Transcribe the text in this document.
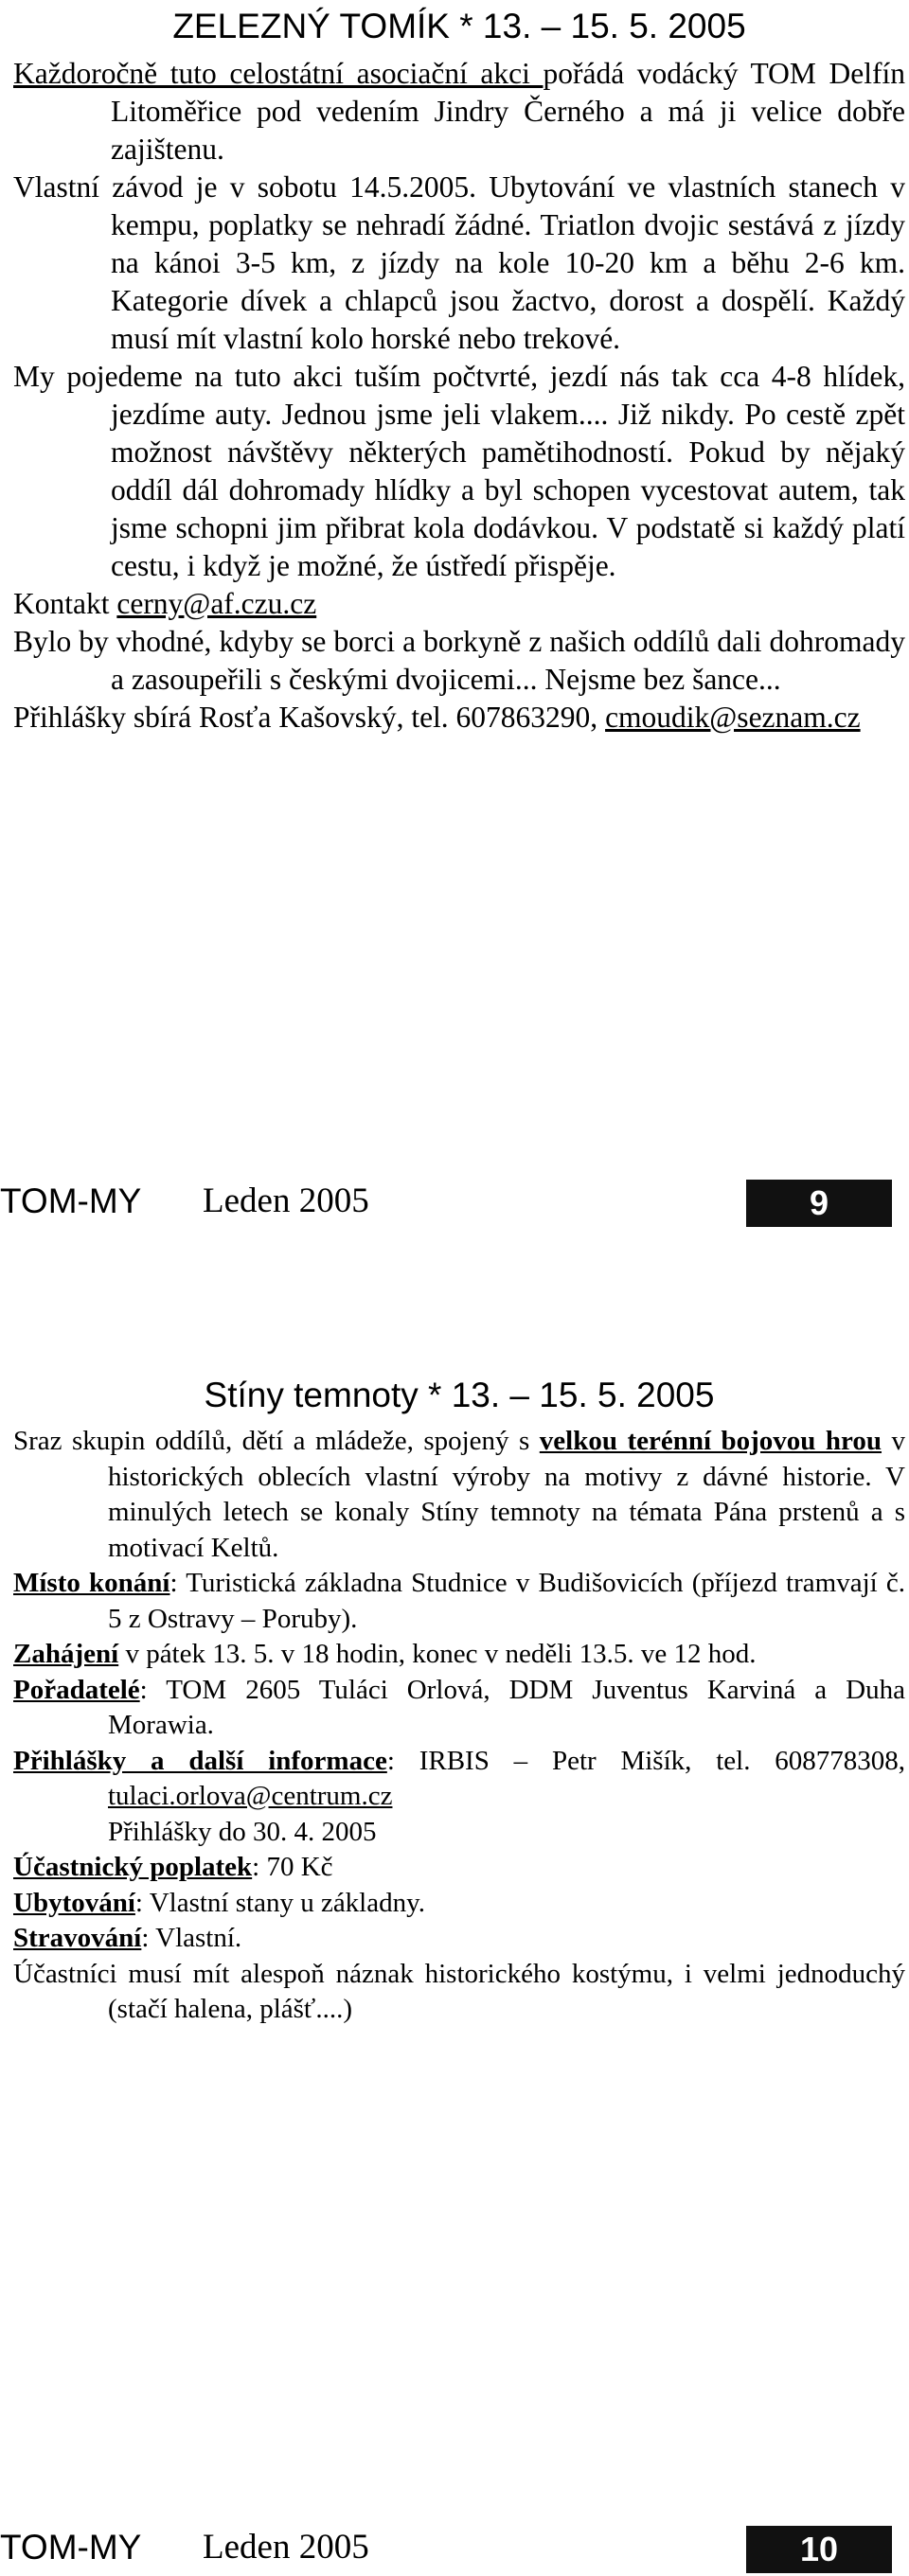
ZELEZNÝ TOMÍK * 13. – 15. 5. 2005

Každoročně tuto celostátní asociační akci pořádá vodácký TOM Delfín Litoměřice pod vedením Jindry Černého a má ji velice dobře zajištenu.

Vlastní závod je v sobotu 14.5.2005. Ubytování ve vlastních stanech v kempu, poplatky se nehradí žádné. Triatlon dvojic sestává z jízdy na kánoi 3-5 km, z jízdy na kole 10-20 km a běhu 2-6 km. Kategorie dívek a chlapců jsou žactvo, dorost a dospělí. Každý musí mít vlastní kolo horské nebo trekové.

My pojedeme na tuto akci tuším počtvrté, jezdí nás tak cca 4-8 hlídek, jezdíme auty. Jednou jsme jeli vlakem.... Již nikdy. Po cestě zpět možnost návštěvy některých pamětihodností. Pokud by nějaký oddíl dál dohromady hlídky a byl schopen vycestovat autem, tak jsme schopni jim přibrat kola dodávkou. V podstatě si každý platí cestu, i když je možné, že ústředí přispěje.

Kontakt cerny@af.czu.cz

Bylo by vhodné, kdyby se borci a borkyně z našich oddílů dali dohromady a zasoupeřili s českými dvojicemi... Nejsme bez šance...

Přihlášky sbírá Rosťa Kašovský, tel. 607863290, cmoudik@seznam.cz

TOM-MY Leden 2005	9
Stíny temnoty * 13. – 15. 5. 2005

Sraz skupin oddílů, dětí a mládeže, spojený s velkou terénní bojovou hrou v historických oblecích vlastní výroby na motivy z dávné historie. V minulých letech se konaly Stíny temnoty na témata Pána prstenů a s motivací Keltů.

Místo konání: Turistická základna Studnice v Budišovicích (příjezd tramvají č. 5 z Ostravy – Poruby).

Zahájení v pátek 13. 5. v 18 hodin, konec v neděli 13.5. ve 12 hod.

Pořadatelé: TOM 2605 Tuláci Orlová, DDM Juventus Karviná a Duha Morawia.

Přihlášky a další informace: IRBIS – Petr Mišík, tel. 608778308, tulaci.orlova@centrum.cz

Přihlášky do 30. 4. 2005

Účastnický poplatek: 70 Kč

Ubytování: Vlastní stany u základny.

Stravování: Vlastní.

Účastníci musí mít alespoň náznak historického kostýmu, i velmi jednoduchý (stačí halena, plášť....)

TOM-MY Leden 2005	10
